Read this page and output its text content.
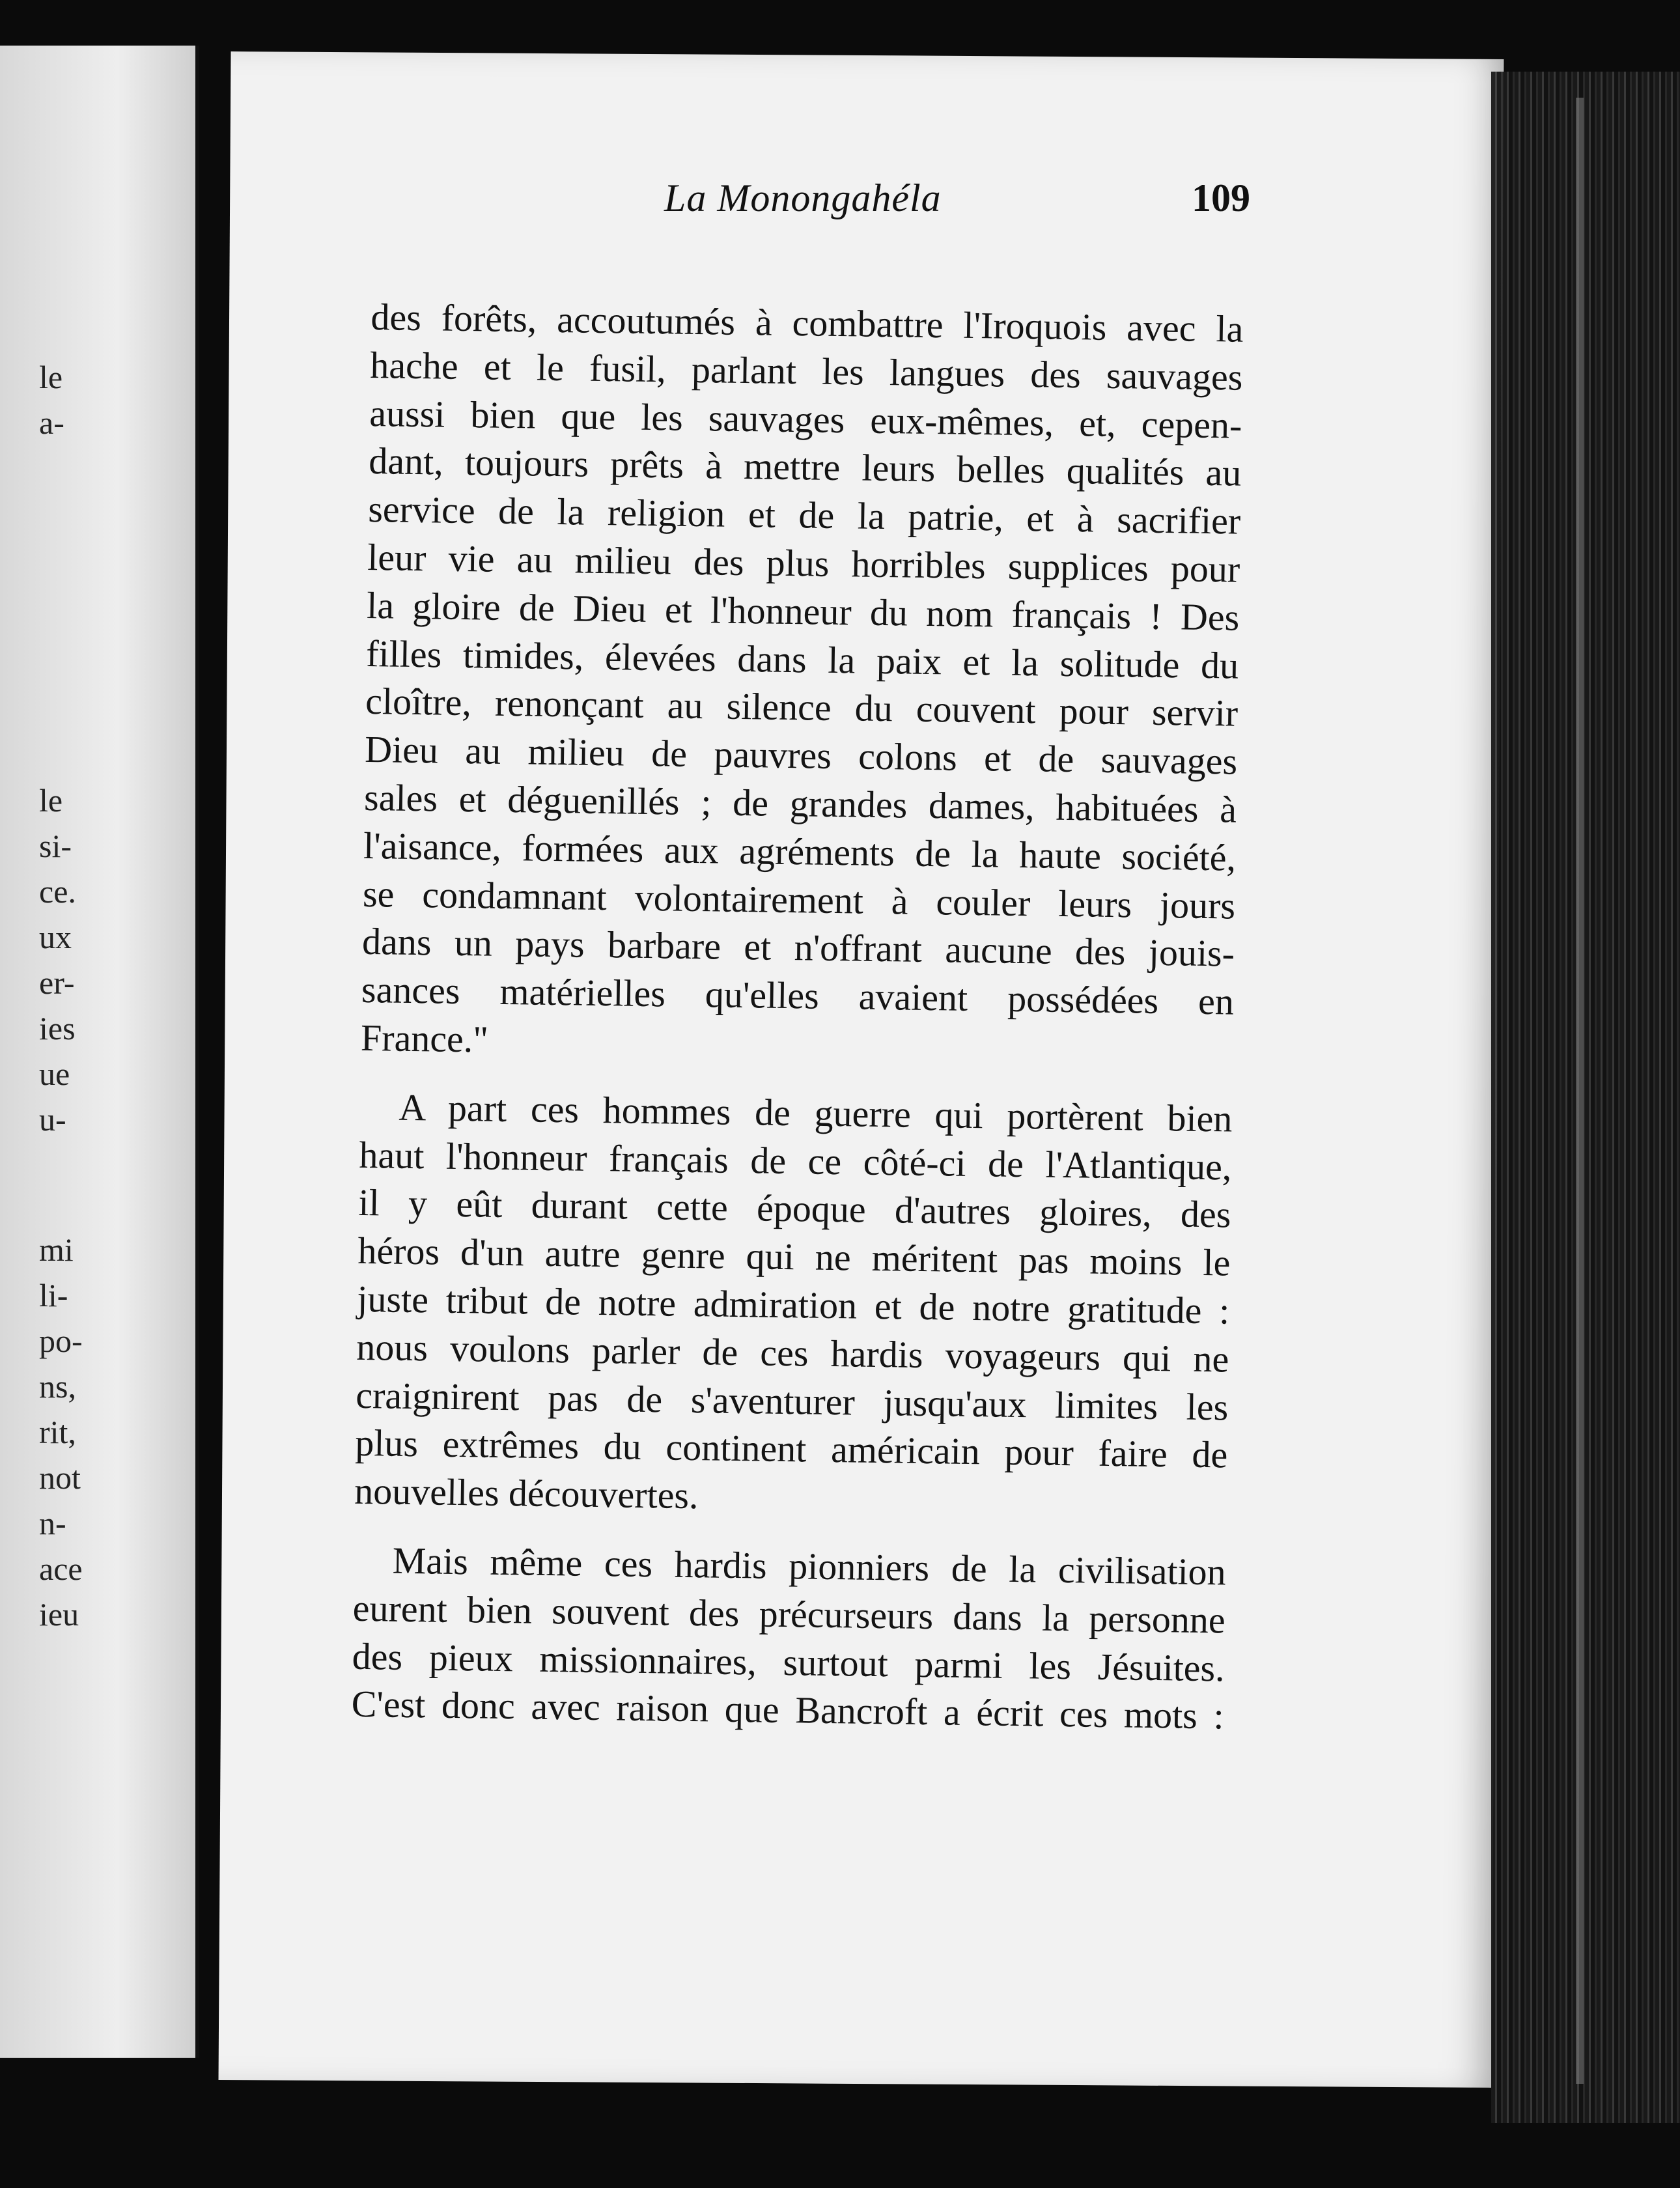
le
a-
le
si-
ce.
ux
er-
ies
ue
u-
mi
li-
po-
ns,
rit,
not
n-
ace
ieu
La Monongahéla	109
des forêts, accoutumés à combattre l'Iroquois avec la
hache et le fusil, parlant les langues des sauvages
aussi bien que les sauvages eux-mêmes, et, cepen-
dant, toujours prêts à mettre leurs belles qualités au
service de la religion et de la patrie, et à sacrifier
leur vie au milieu des plus horribles supplices pour
la gloire de Dieu et l'honneur du nom français ! Des
filles timides, élevées dans la paix et la solitude du
cloître, renonçant au silence du couvent pour servir
Dieu au milieu de pauvres colons et de sauvages
sales et déguenillés ; de grandes dames, habituées à
l'aisance, formées aux agréments de la haute société,
se condamnant volontairement à couler leurs jours
dans un pays barbare et n'offrant aucune des jouis-
sances matérielles qu'elles avaient possédées en
France."
A part ces hommes de guerre qui portèrent bien
haut l'honneur français de ce côté-ci de l'Atlantique,
il y eût durant cette époque d'autres gloires, des
héros d'un autre genre qui ne méritent pas moins le
juste tribut de notre admiration et de notre gratitude :
nous voulons parler de ces hardis voyageurs qui ne
craignirent pas de s'aventurer jusqu'aux limites les
plus extrêmes du continent américain pour faire de
nouvelles découvertes.
Mais même ces hardis pionniers de la civilisation
eurent bien souvent des précurseurs dans la personne
des pieux missionnaires, surtout parmi les Jésuites.
C'est donc avec raison que Bancroft a écrit ces mots :
